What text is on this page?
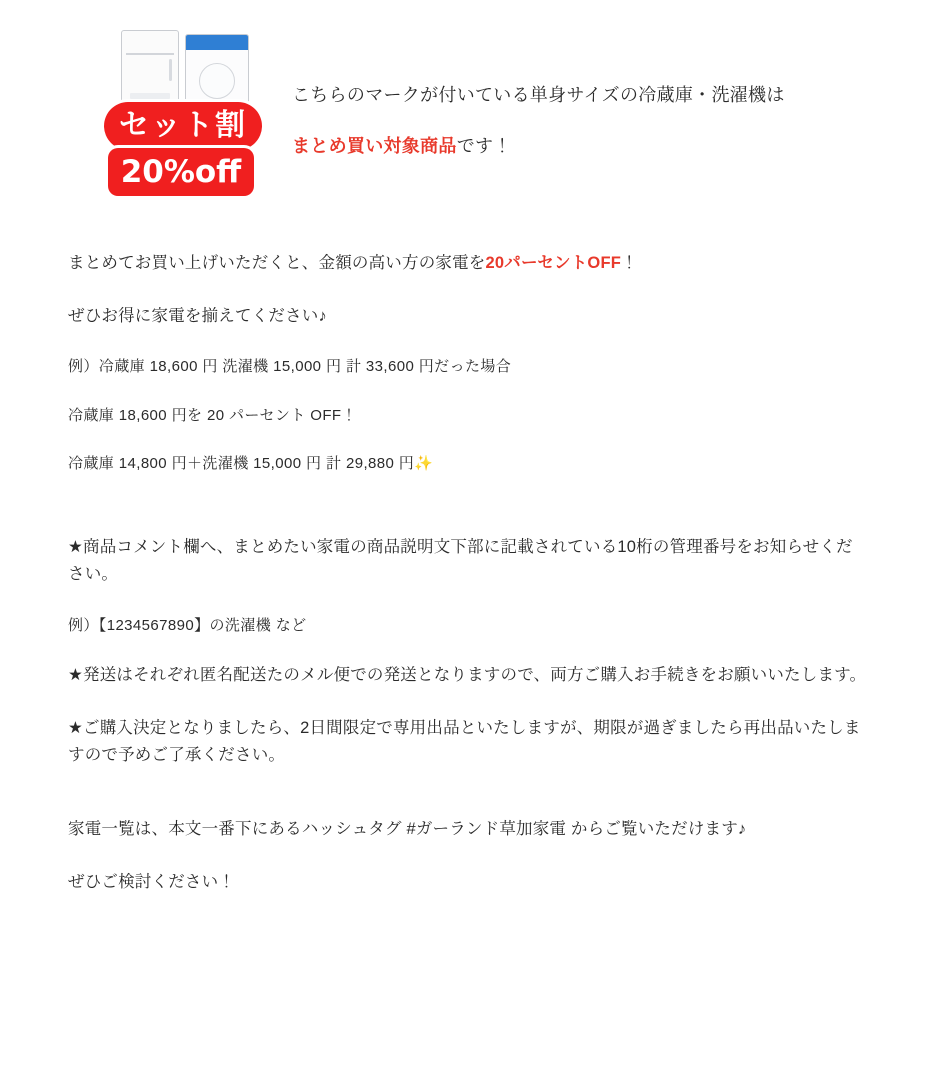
セット割
20%off
こちらのマークが付いている単身サイズの冷蔵庫・洗濯機は
まとめ買い対象商品です！

まとめてお買い上げいただくと、金額の高い方の家電を20パーセントOFF！

ぜひお得に家電を揃えてください♪

例）冷蔵庫 18,600 円 洗濯機 15,000 円 計 33,600 円だった場合

冷蔵庫 18,600 円を 20 パーセント OFF！

冷蔵庫 14,800 円＋洗濯機 15,000 円 計 29,880 円✨

★商品コメント欄へ、まとめたい家電の商品説明文下部に記載されている10桁の管理番号をお知らせください。

例）【1234567890】の洗濯機 など

★発送はそれぞれ匿名配送たのメル便での発送となりますので、両方ご購入お手続きをお願いいたします。

★ご購入決定となりましたら、2日間限定で専用出品といたしますが、期限が過ぎましたら再出品いたしますので予めご了承ください。

家電一覧は、本文一番下にあるハッシュタグ #ガーランド草加家電 からご覧いただけます♪

ぜひご検討ください！
